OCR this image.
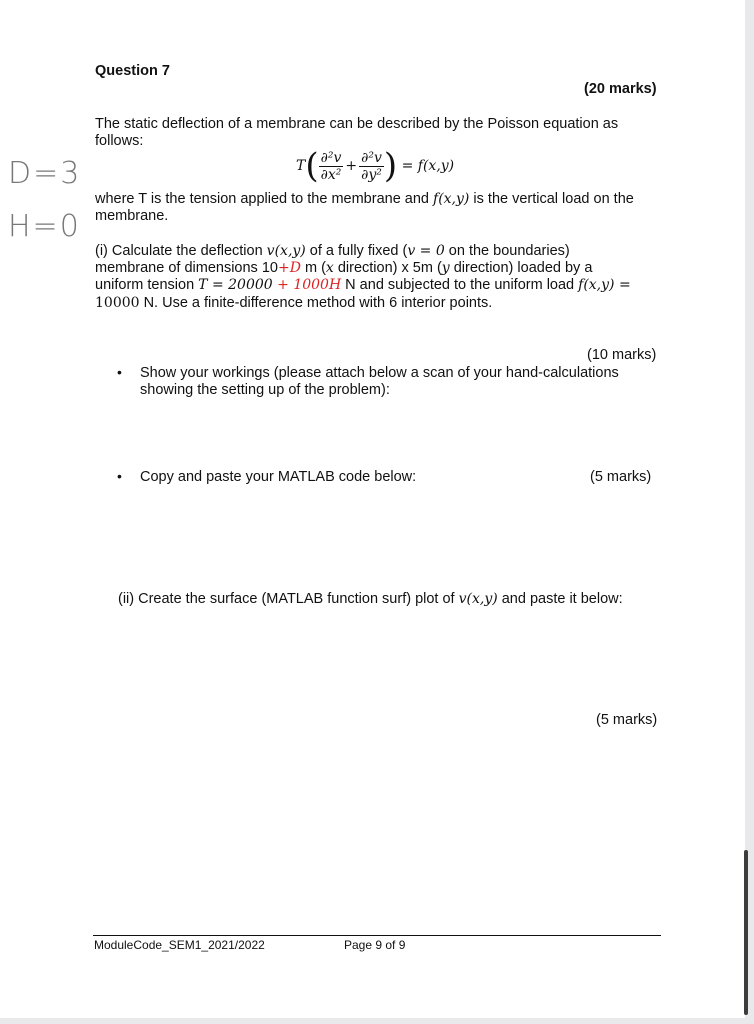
D=3
H=0
Question 7
(20 marks)
The static deflection of a membrane can be described by the Poisson equation as
follows:
$T( \frac{\text{∂²v}}{\text{∂x²}} + \frac{\text{∂²v}}{\text{∂y²}}$ ) = f(x,y)
where T is the tension applied to the membrane and f(x,y) is the vertical load on the
membrane.
(i) Calculate the deflection v(x,y) of a fully fixed (v = 0 on the boundaries)
membrane of dimensions 10+D m (x direction) x 5m (y direction) loaded by a
uniform tension T = 20000 + 1000H N and subjected to the uniform load f(x,y) =
10000 N. Use a finite-difference method with 6 interior points.
(10 marks)
• Show your workings (please attach below a scan of your hand-calculations
showing the setting up of the problem):
• Copy and paste your MATLAB code below:	(5 marks)
(ii) Create the surface (MATLAB function surf) plot of v(x,y) and paste it below:
(5 marks)
ModuleCode_SEM1_2021/2022	Page 9 of 9
